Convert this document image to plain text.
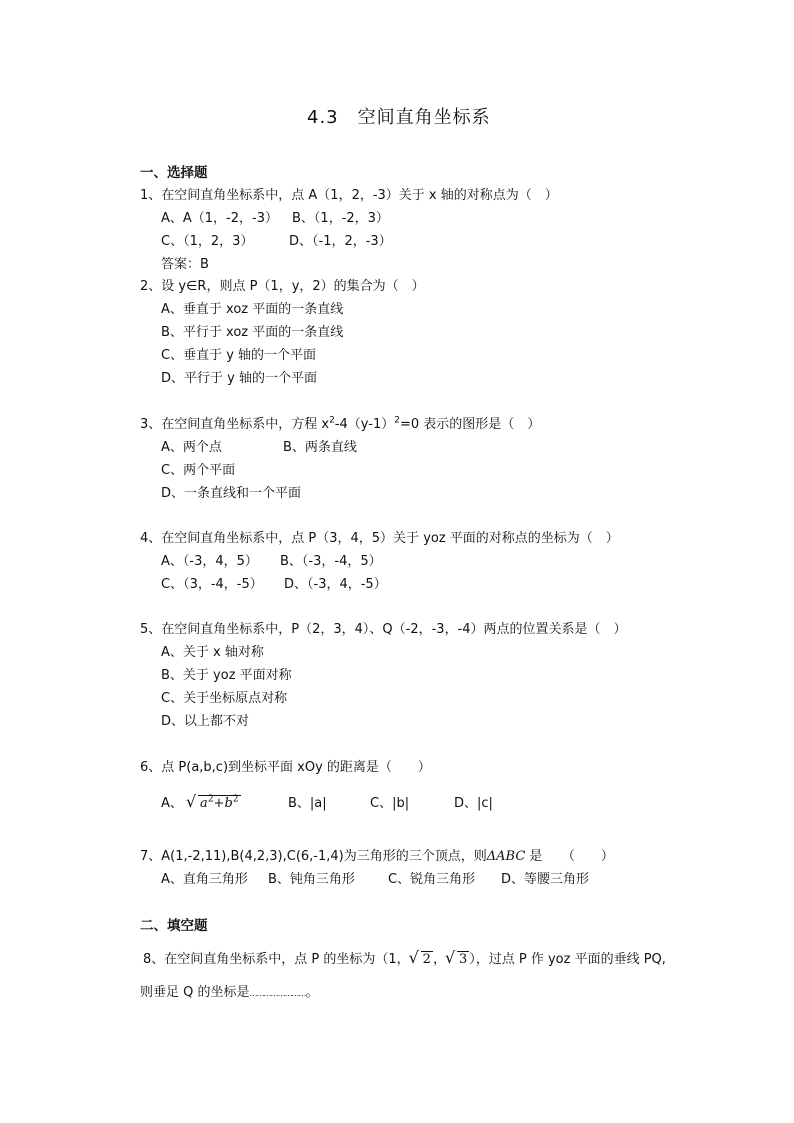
4.3　空间直角坐标系
一、选择题
1、在空间直角坐标系中，点 A（1，2，-3）关于 x 轴的对称点为（　）
A、A（1，-2，-3） B、（1，-2，3）
C、（1，2，3）	D、（-1，2，-3）
答案：B
2、设 y∈R，则点 P（1，y，2）的集合为（　）
A、垂直于 xoz 平面的一条直线
B、平行于 xoz 平面的一条直线
C、垂直于 y 轴的一个平面
D、平行于 y 轴的一个平面
3、在空间直角坐标系中，方程 $x^2-4(y-1)^2=0$ 表示的图形是（　）
A、两个点	B、两条直线
C、两个平面
D、一条直线和一个平面
4、在空间直角坐标系中，点 P（3，4，5）关于 yoz 平面的对称点的坐标为（　）
A、（-3，4，5） B、（-3，-4，5）
C、（3，-4，-5） D、（-3，4，-5）
5、在空间直角坐标系中，P（2，3，4）、Q（-2，-3，-4）两点的位置关系是（　）
A、关于 x 轴对称
B、关于 yoz 平面对称
C、关于坐标原点对称
D、以上都不对
6、点 P(a,b,c)到坐标平面 xOy 的距离是（　　）
A、 √ $a^2+b^2$	B、|a|	C、|b|	D、|c|
7、A(1,-2,11),B(4,2,3),C(6,-1,4)为三角形的三个顶点，则ΔABC 是　　（　　）
A、直角三角形 B、钝角三角形	C、锐角三角形 D、等腰三角形
二、填空题
8、在空间直角坐标系中，点 P 的坐标为（1， √ 2 ， √ 3 ），过点 P 作 yoz 平面的垂线 PQ,
则垂足 Q 的坐标是……………………。
